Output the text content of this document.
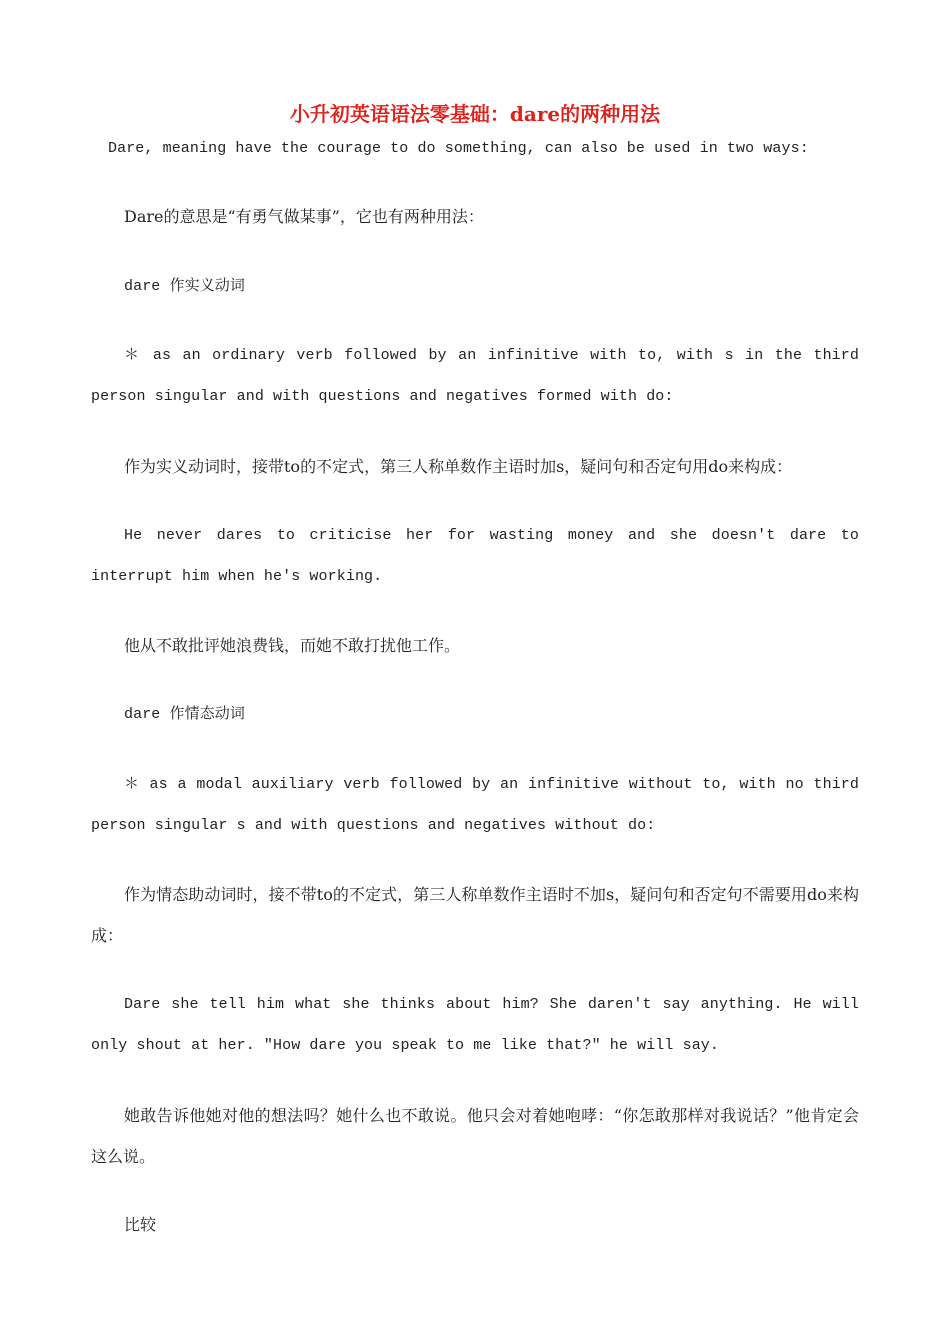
小升初英语语法零基础：dare的两种用法
Dare, meaning have the courage to do something, can also be used in two ways:
Dare的意思是“有勇气做某事”，它也有两种用法：
dare 作实义动词
＊ as an ordinary verb followed by an infinitive with to, with s in the third person singular and with questions and negatives formed with do:
作为实义动词时，接带to的不定式，第三人称单数作主语时加s，疑问句和否定句用do来构成：
He never dares to criticise her for wasting money and she doesn't dare to interrupt him when he's working.
他从不敢批评她浪费钱，而她不敢打扰他工作。
dare 作情态动词
＊ as a modal auxiliary verb followed by an infinitive without to, with no third person singular s and with questions and negatives without do:
作为情态助动词时，接不带to的不定式，第三人称单数作主语时不加s，疑问句和否定句不需要用do来构成：
Dare she tell him what she thinks about him? She daren't say anything. He will only shout at her. "How dare you speak to me like that?" he will say.
她敢告诉他她对他的想法吗？她什么也不敢说。他只会对着她咆哮：“你怎敢那样对我说话？”他肯定会这么说。
比较
